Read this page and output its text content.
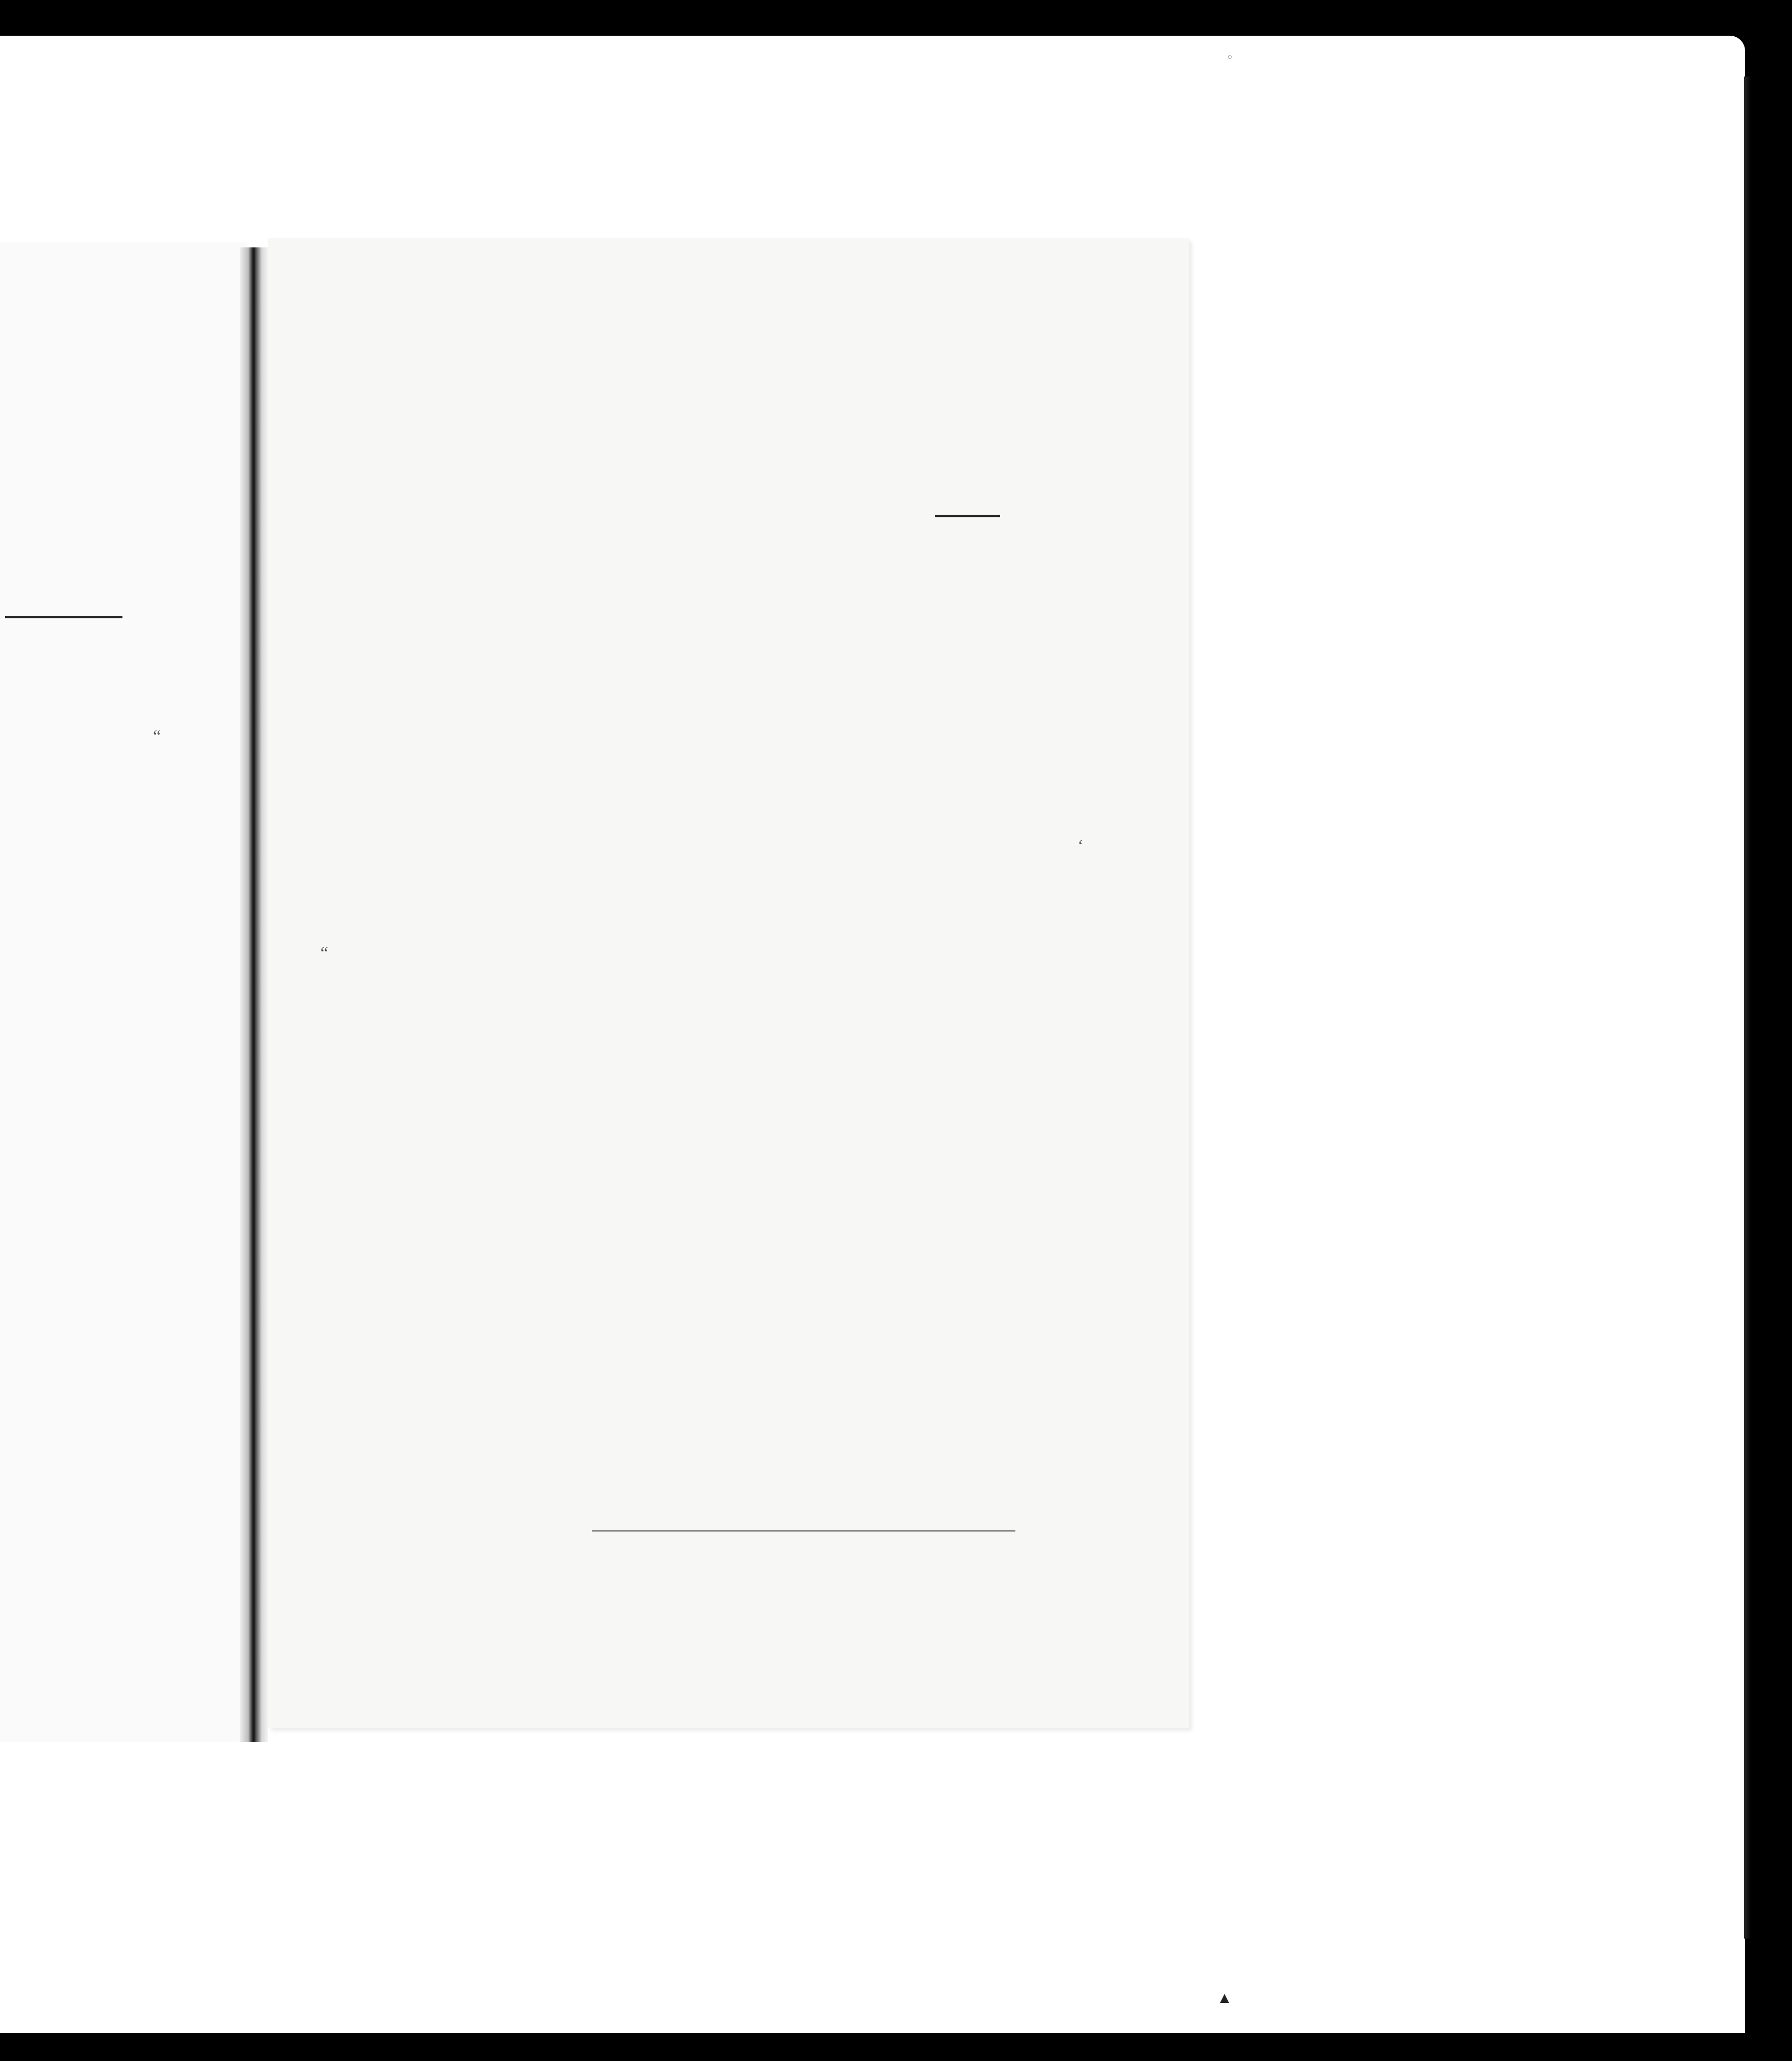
“
“
‘
◦
▲
